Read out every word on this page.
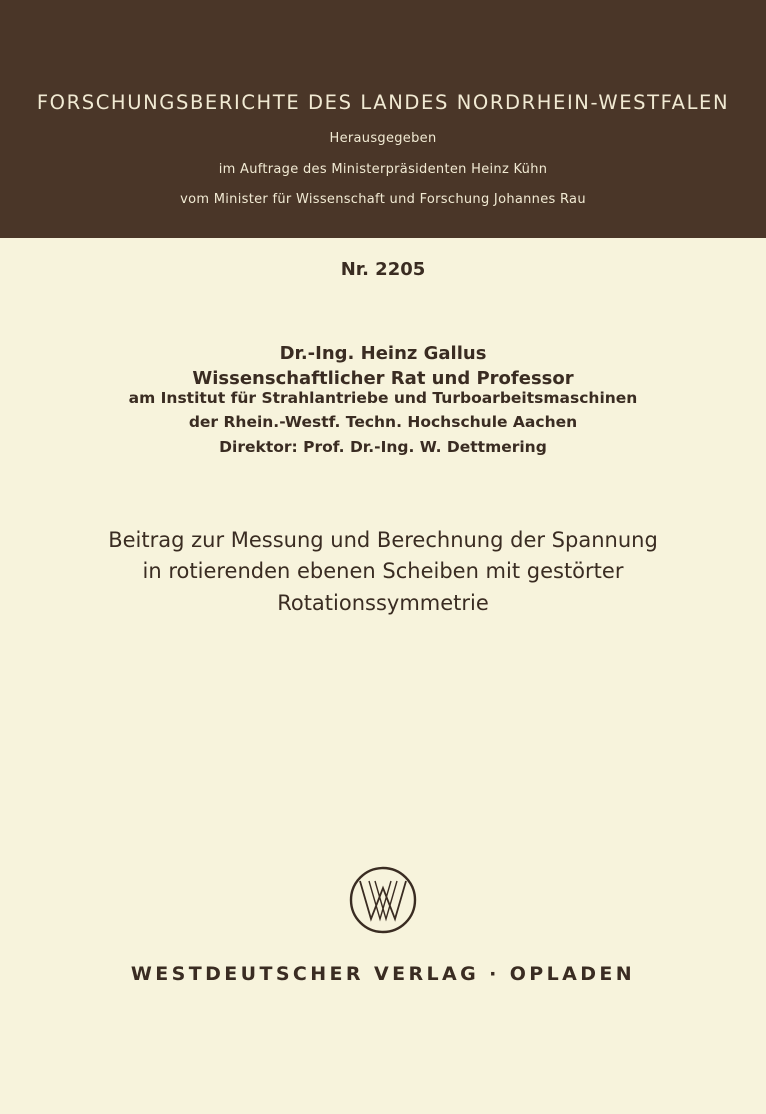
FORSCHUNGSBERICHTE DES LANDES NORDRHEIN-WESTFALEN
Herausgegeben
im Auftrage des Ministerpräsidenten Heinz Kühn
vom Minister für Wissenschaft und Forschung Johannes Rau
Nr. 2205
Dr.-Ing. Heinz Gallus
Wissenschaftlicher Rat und Professor
am Institut für Strahlantriebe und Turboarbeitsmaschinen
der Rhein.-Westf. Techn. Hochschule Aachen
Direktor: Prof. Dr.-Ing. W. Dettmering
Beitrag zur Messung und Berechnung der Spannung
in rotierenden ebenen Scheiben mit gestörter
Rotationssymmetrie
WESTDEUTSCHER VERLAG · OPLADEN
